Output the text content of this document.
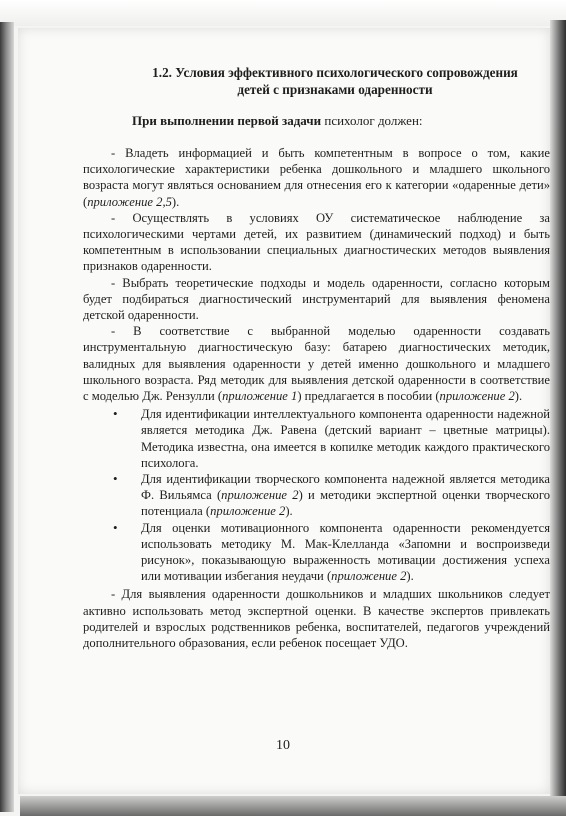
1.2. Условия эффективного психологического сопровождения
детей с признаками одаренности
При выполнении первой задачи психолог должен:

- Владеть информацией и быть компетентным в вопросе о том, какие психологические характеристики ребенка дошкольного и младшего школьного возраста могут являться основанием для отнесения его к категории «одаренные дети» (приложение 2,5).

- Осуществлять в условиях ОУ систематическое наблюдение за психологическими чертами детей, их развитием (динамический подход) и быть компетентным в использовании специальных диагностических методов выявления признаков одаренности.

- Выбрать теоретические подходы и модель одаренности, согласно которым будет подбираться диагностический инструментарий для выявления феномена детской одаренности.

- В соответствие с выбранной моделью одаренности создавать инструментальную диагностическую базу: батарею диагностических методик, валидных для выявления одаренности у детей именно дошкольного и младшего школьного возраста. Ряд методик для выявления детской одаренности в соответствие с моделью Дж. Рензулли (приложение 1) предлагается в пособии (приложение 2).

• Для идентификации интеллектуального компонента одаренности надежной является методика Дж. Равена (детский вариант – цветные матрицы). Методика известна, она имеется в копилке методик каждого практического психолога.
• Для идентификации творческого компонента надежной является методика Ф. Вильямса (приложение 2) и методики экспертной оценки творческого потенциала (приложение 2).
• Для оценки мотивационного компонента одаренности рекомендуется использовать методику М. Мак-Клелланда «Запомни и воспроизведи рисунок», показывающую выраженность мотивации достижения успеха или мотивации избегания неудачи (приложение 2).

- Для выявления одаренности дошкольников и младших школьников следует активно использовать метод экспертной оценки. В качестве экспертов привлекать родителей и взрослых родственников ребенка, воспитателей, педагогов учреждений дополнительного образования, если ребенок посещает УДО.

10
